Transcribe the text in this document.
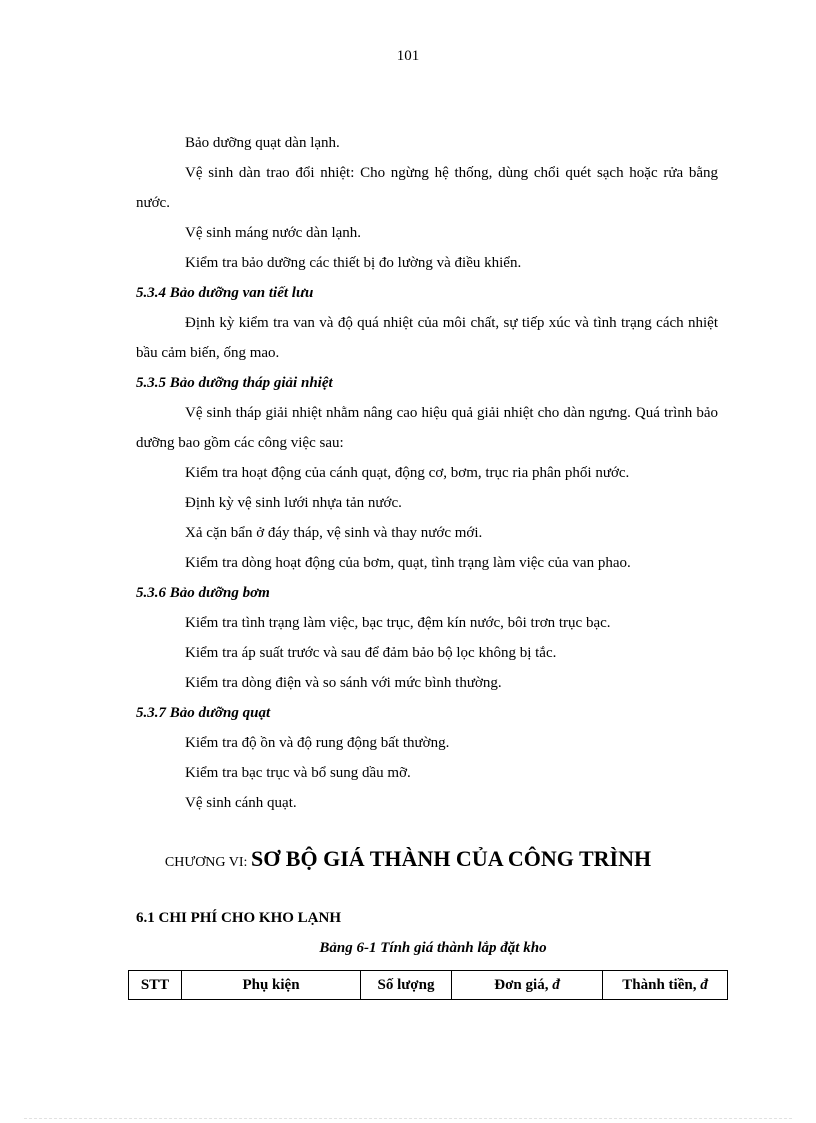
101

Bảo dưỡng quạt dàn lạnh.

Vệ sinh dàn trao đổi nhiệt: Cho ngừng hệ thống, dùng chổi quét sạch hoặc rửa bằng nước.

Vệ sinh máng nước dàn lạnh.

Kiểm tra bảo dưỡng các thiết bị đo lường và điều khiển.

5.3.4 Bảo dưỡng van tiết lưu

Định kỳ kiểm tra van và độ quá nhiệt của môi chất, sự tiếp xúc và tình trạng cách nhiệt bầu cảm biến, ống mao.

5.3.5 Bảo dưỡng tháp giải nhiệt

Vệ sinh tháp giải nhiệt nhằm nâng cao hiệu quả giải nhiệt cho dàn ngưng. Quá trình bảo dưỡng bao gồm các công việc sau:

Kiểm tra hoạt động của cánh quạt, động cơ, bơm, trục ria phân phối nước.

Định kỳ vệ sinh lưới nhựa tản nước.

Xả cặn bẩn ở đáy tháp, vệ sinh và thay nước mới.

Kiểm tra dòng hoạt động của bơm, quạt, tình trạng làm việc của van phao.

5.3.6 Bảo dưỡng bơm

Kiểm tra tình trạng làm việc, bạc trục, đệm kín nước, bôi trơn trục bạc.

Kiểm tra áp suất trước và sau để đảm bảo bộ lọc không bị tắc.

Kiểm tra dòng điện và so sánh với mức bình thường.

5.3.7 Bảo dưỡng quạt

Kiểm tra độ ồn và độ rung động bất thường.

Kiểm tra bạc trục và bổ sung dầu mỡ.

Vệ sinh cánh quạt.

CHƯƠNG VI: SƠ BỘ GIÁ THÀNH CỦA CÔNG TRÌNH
6.1 CHI PHÍ CHO KHO LẠNH
Bảng 6-1 Tính giá thành lắp đặt kho
STT	Phụ kiện	Số lượng	Đơn giá, đ	Thành tiền, đ
